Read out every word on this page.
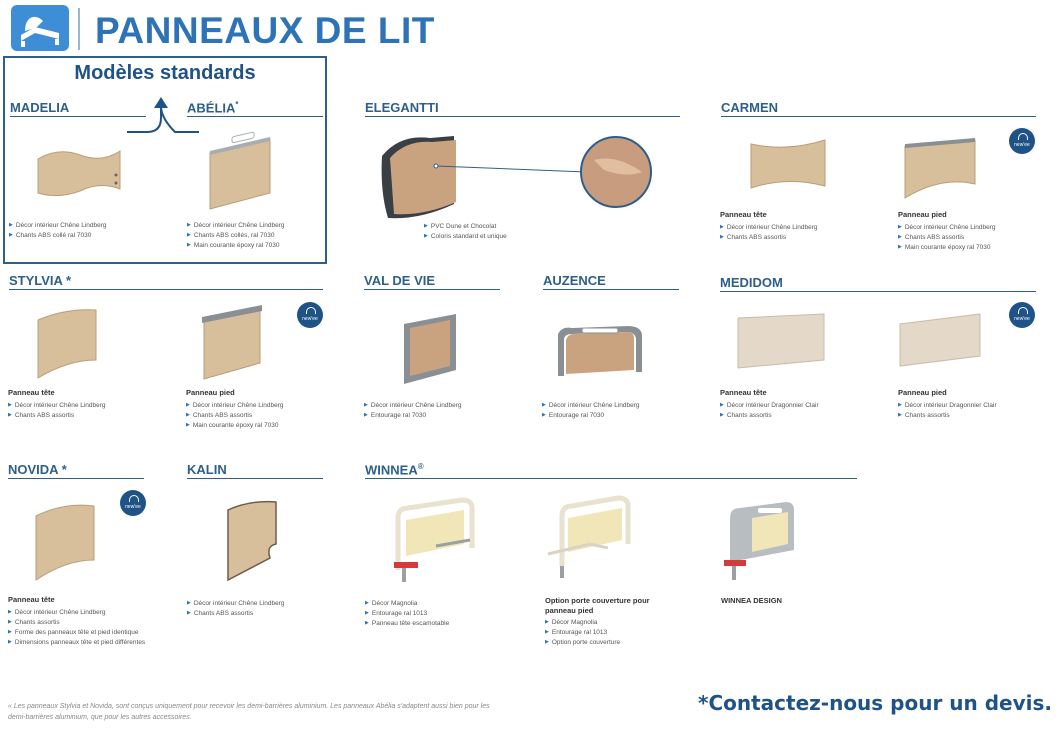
PANNEAUX DE LIT
Modèles standards
MADELIA
▶ Décor intérieur Chêne Lindberg
▶ Chants ABS collé ral 7030
ABÉLIA*
▶ Décor intérieur Chêne Lindberg
▶ Chants ABS collés, ral 7030
▶ Main courante époxy ral 7030
ELEGANTTI
▶ PVC Dune et Chocolat
▶ Coloris standard et unique
CARMEN
new'ee
Panneau tête
▶ Décor intérieur Chêne Lindberg
▶ Chants ABS assortis
Panneau pied
▶ Décor intérieur Chêne Lindberg
▶ Chants ABS assortis
▶ Main courante époxy ral 7030
STYLVIA *
new'ee
Panneau tête
▶ Décor intérieur Chêne Lindberg
▶ Chants ABS assortis
Panneau pied
▶ Décor intérieur Chêne Lindberg
▶ Chants ABS assortis
▶ Main courante époxy ral 7030
VAL DE VIE
▶ Décor intérieur Chêne Lindberg
▶ Entourage ral 7030
AUZENCE
▶ Décor intérieur Chêne Lindberg
▶ Entourage ral 7030
MEDIDOM
new'ee
Panneau tête
▶ Décor intérieur Dragonnier Clair
▶ Chants assortis
Panneau pied
▶ Décor intérieur Dragonnier Clair
▶ Chants assortis
NOVIDA *
new'ee
Panneau tête
▶ Décor intérieur Chêne Lindberg
▶ Chants assortis
▶ Forme des panneaux tête et pied identique
▶ Dimensions panneaux tête et pied différentes
KALIN
▶ Décor intérieur Chêne Lindberg
▶ Chants ABS assortis
WINNEA®
▶ Décor Magnolia
▶ Entourage ral 1013
▶ Panneau tête escamotable
Option porte couverture pour panneau pied
▶ Décor Magnolia
▶ Entourage ral 1013
▶ Option porte couverture
WINNEA DESIGN
« Les panneaux Stylvia et Novida, sont conçus uniquement pour recevoir les demi-barrières aluminium. Les panneaux Abélia s'adaptent aussi bien pour les demi-barrières aluminium, que pour les autres accessoires.
*Contactez-nous pour un devis.
